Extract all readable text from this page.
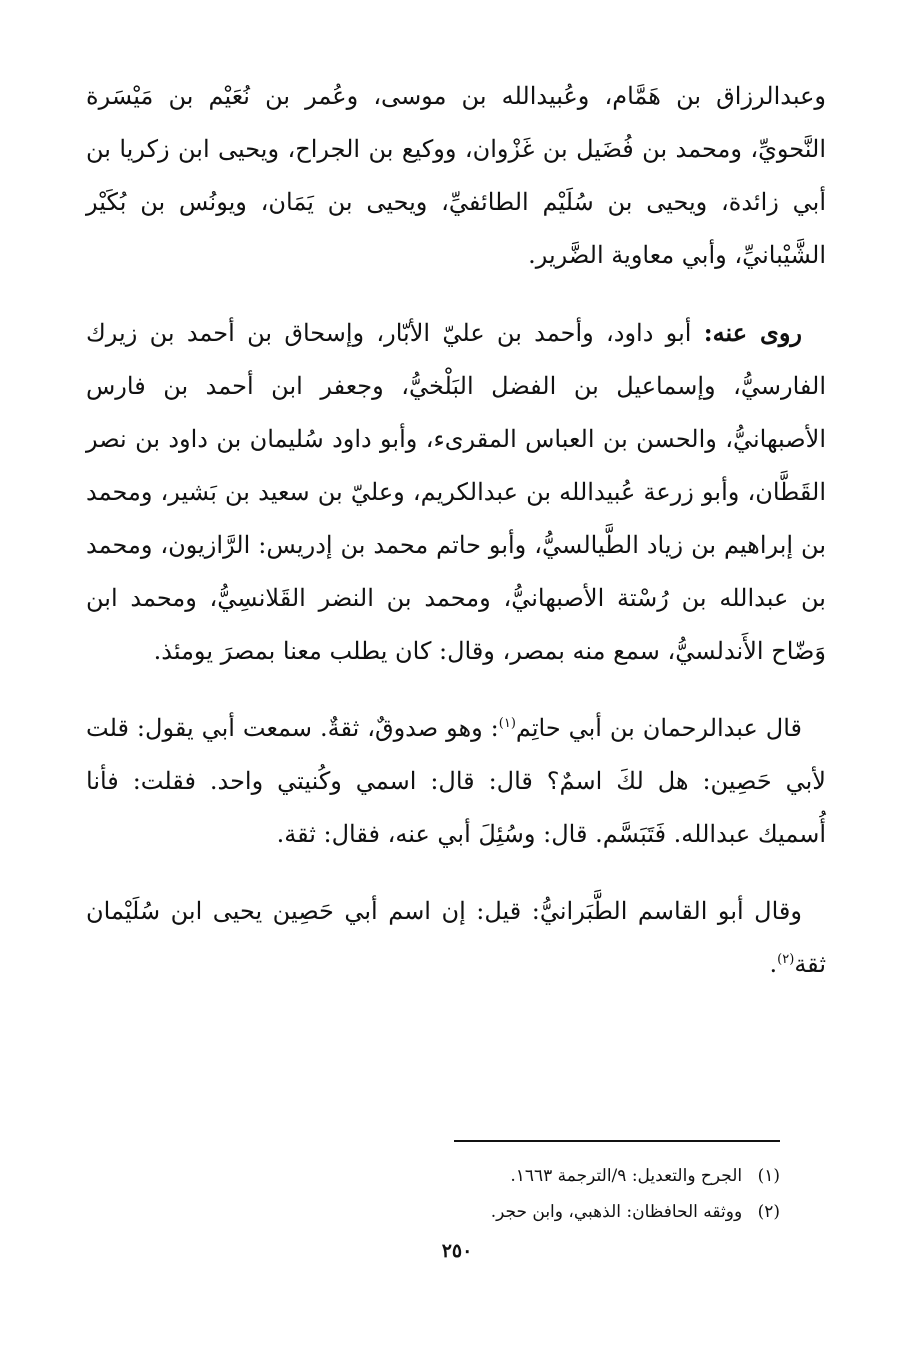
وعبدالرزاق بن هَمَّام، وعُبيدالله بن موسى، وعُمر بن نُعَيْم بن مَيْسَرة النَّحويِّ، ومحمد بن فُضَيل بن غَزْوان، ووكيع بن الجراح، ويحيى ابن زكريا بن أبي زائدة، ويحيى بن سُلَيْم الطائفيِّ، ويحيى بن يَمَان، ويونُس بن بُكَيْر الشَّيْبانيِّ، وأبي معاوية الضَّرير.

روى عنه: أبو داود، وأحمد بن عليّ الأبّار، وإسحاق بن أحمد بن زيرك الفارسيُّ، وإسماعيل بن الفضل البَلْخيُّ، وجعفر ابن أحمد بن فارس الأصبهانيُّ، والحسن بن العباس المقرىء، وأبو داود سُليمان بن داود بن نصر القَطَّان، وأبو زرعة عُبيدالله بن عبدالكريم، وعليّ بن سعيد بن بَشير، ومحمد بن إبراهيم بن زياد الطَّيالسيُّ، وأبو حاتم محمد بن إدريس: الرَّازيون، ومحمد بن عبدالله بن رُسْتة الأصبهانيُّ، ومحمد بن النضر القَلانسِيُّ، ومحمد ابن وَضّاح الأَندلسيُّ، سمع منه بمصر، وقال: كان يطلب معنا بمصرَ يومئذ.

قال عبدالرحمان بن أبي حاتِم$^{(١)}$: وهو صدوقٌ، ثقةٌ. سمعت أبي يقول: قلت لأبي حَصِين: هل لكَ اسمٌ؟ قال: قال: اسمي وكُنيتي واحد. فقلت: فأنا أُسميك عبدالله. فَتَبَسَّم. قال: وسُئِلَ أبي عنه، فقال: ثقة.

وقال أبو القاسم الطَّبَرانيُّ: قيل: إن اسم أبي حَصِين يحيى ابن سُلَيْمان ثقة$^{(٢)}$.

(١) الجرح والتعديل: ٩/الترجمة ١٦٦٣.
(٢) ووثقه الحافظان: الذهبي، وابن حجر.
٢٥٠
